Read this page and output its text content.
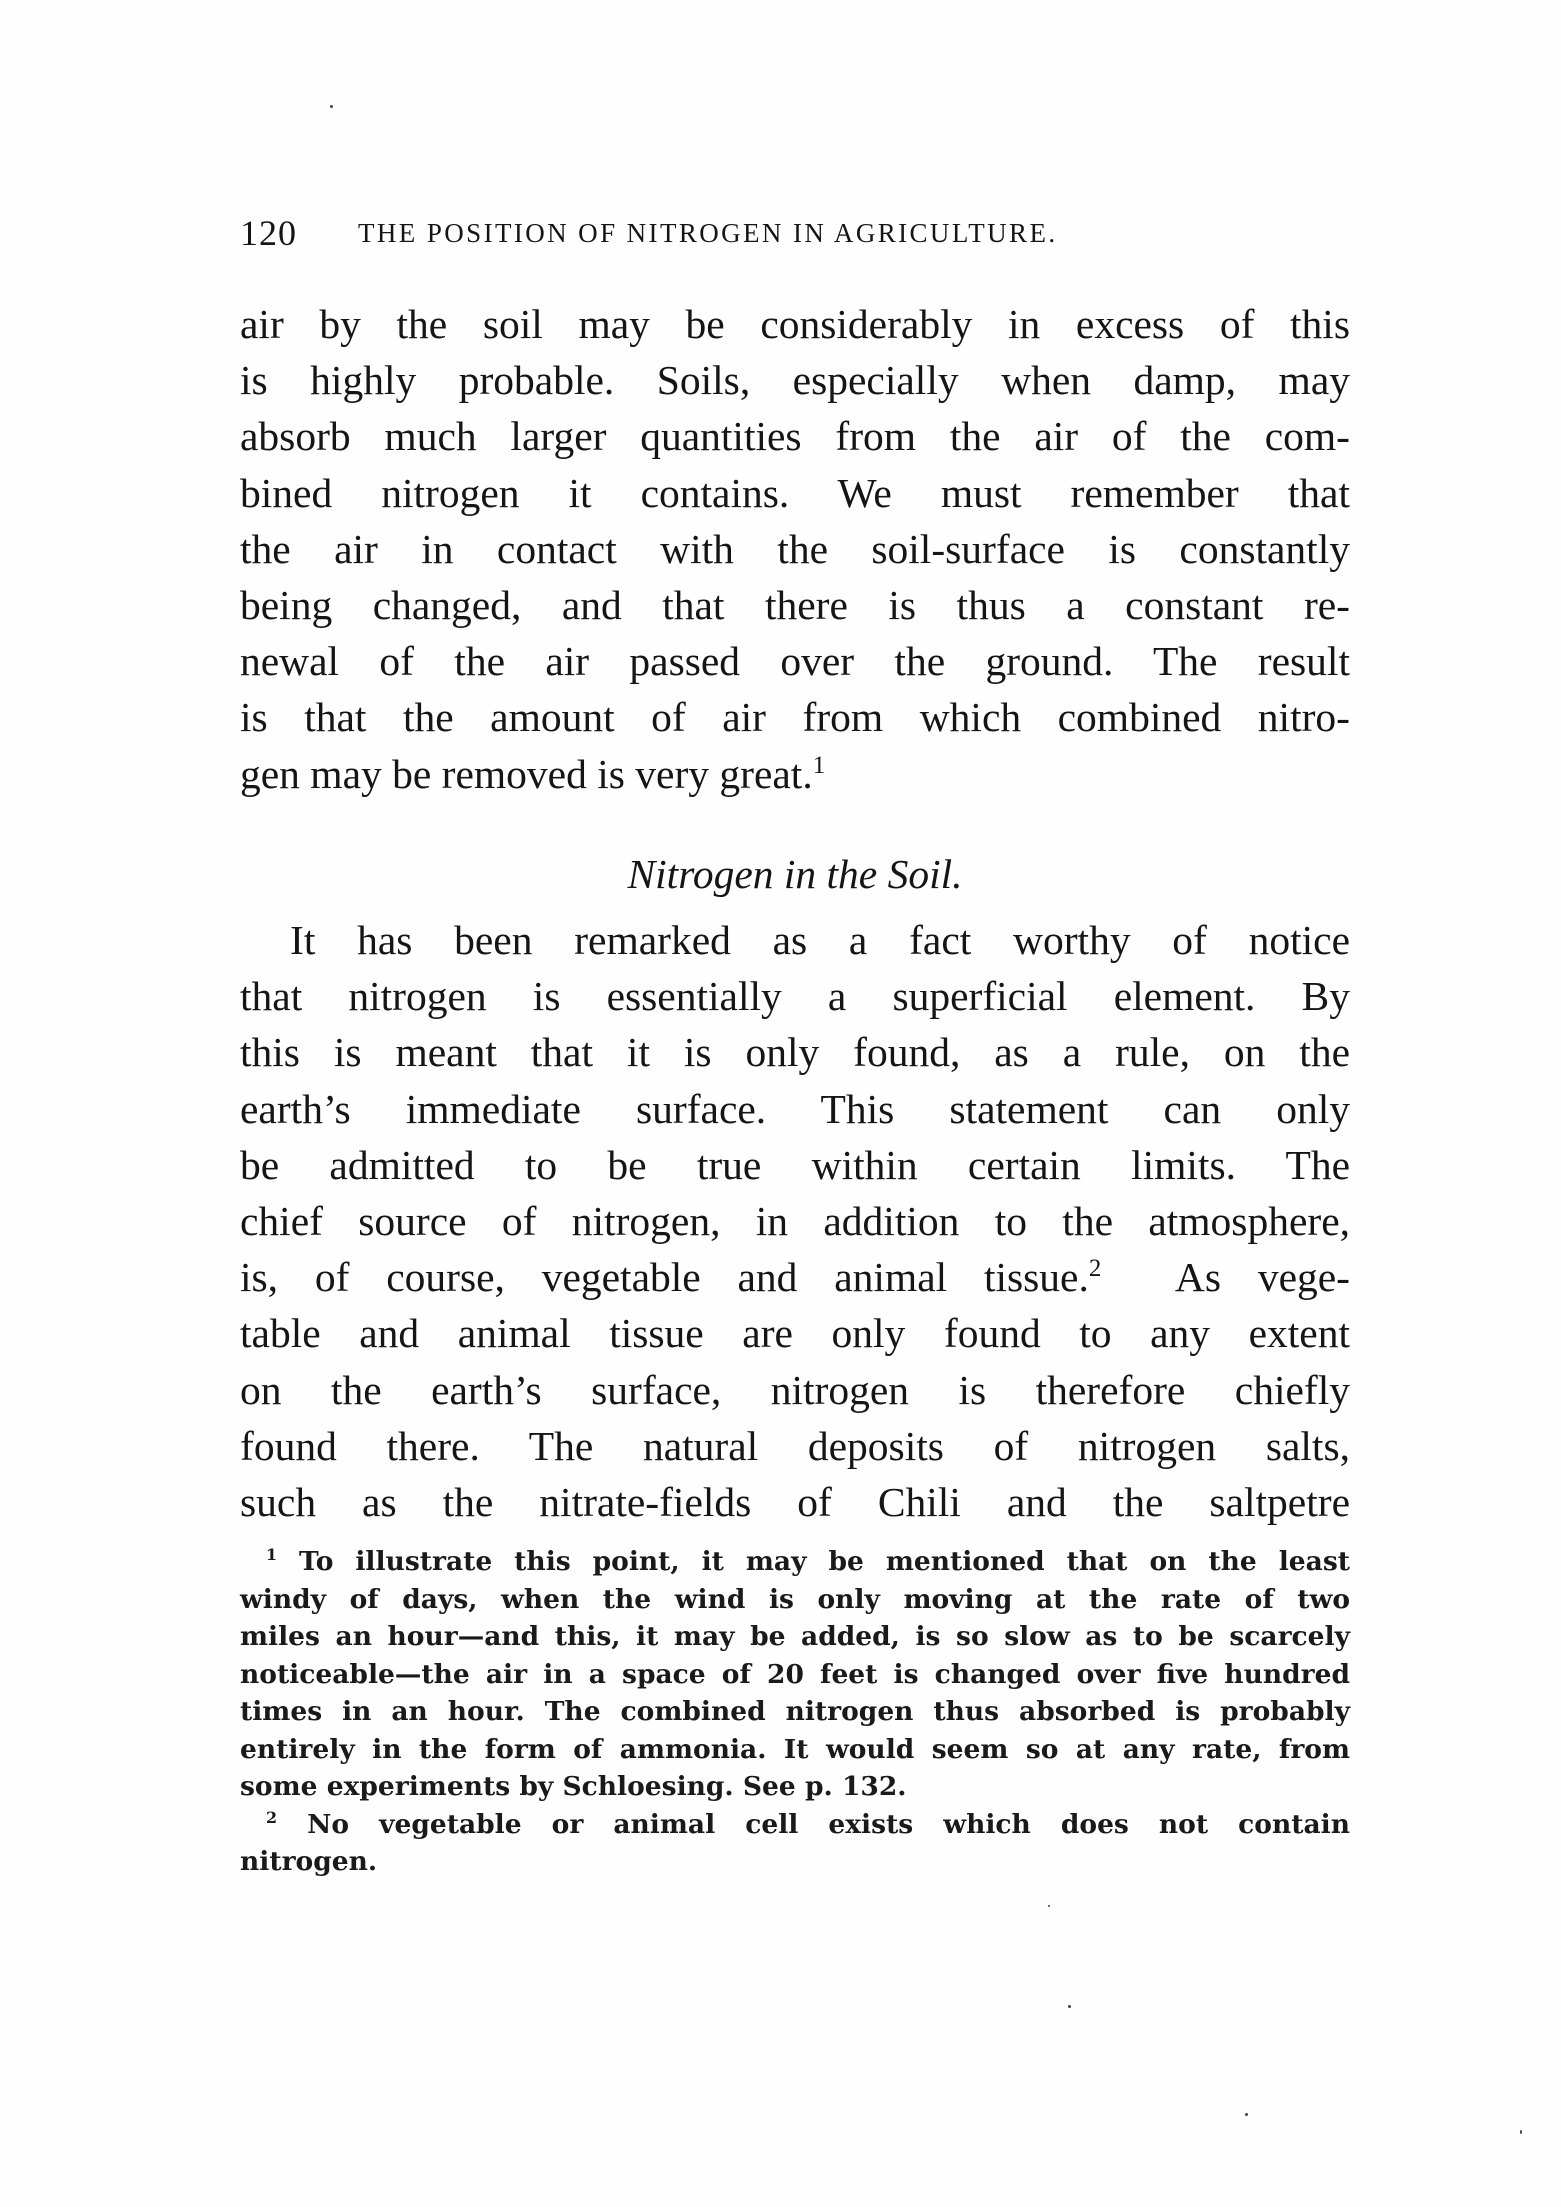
120 THE POSITION OF NITROGEN IN AGRICULTURE.
air by the soil may be considerably in excess of this
is highly probable. Soils, especially when damp, may
absorb much larger quantities from the air of the com-
bined nitrogen it contains. We must remember that
the air in contact with the soil-surface is constantly
being changed, and that there is thus a constant re-
newal of the air passed over the ground. The result
is that the amount of air from which combined nitro-
gen may be removed is very great.$^1$
Nitrogen in the Soil.
It has been remarked as a fact worthy of notice
that nitrogen is essentially a superficial element. By
this is meant that it is only found, as a rule, on the
earth’s immediate surface. This statement can only
be admitted to be true within certain limits. The
chief source of nitrogen, in addition to the atmosphere,
is, of course, vegetable and animal tissue.$^2$ As vege-
table and animal tissue are only found to any extent
on the earth’s surface, nitrogen is therefore chiefly
found there. The natural deposits of nitrogen salts,
such as the nitrate-fields of Chili and the saltpetre
$^1$ To illustrate this point, it may be mentioned that on the least
windy of days, when the wind is only moving at the rate of two
miles an hour—and this, it may be added, is so slow as to be scarcely
noticeable—the air in a space of 20 feet is changed over five hundred
times in an hour. The combined nitrogen thus absorbed is probably
entirely in the form of ammonia. It would seem so at any rate, from
some experiments by Schloesing. See p. 132.
$^2$ No vegetable or animal cell exists which does not contain
nitrogen.
